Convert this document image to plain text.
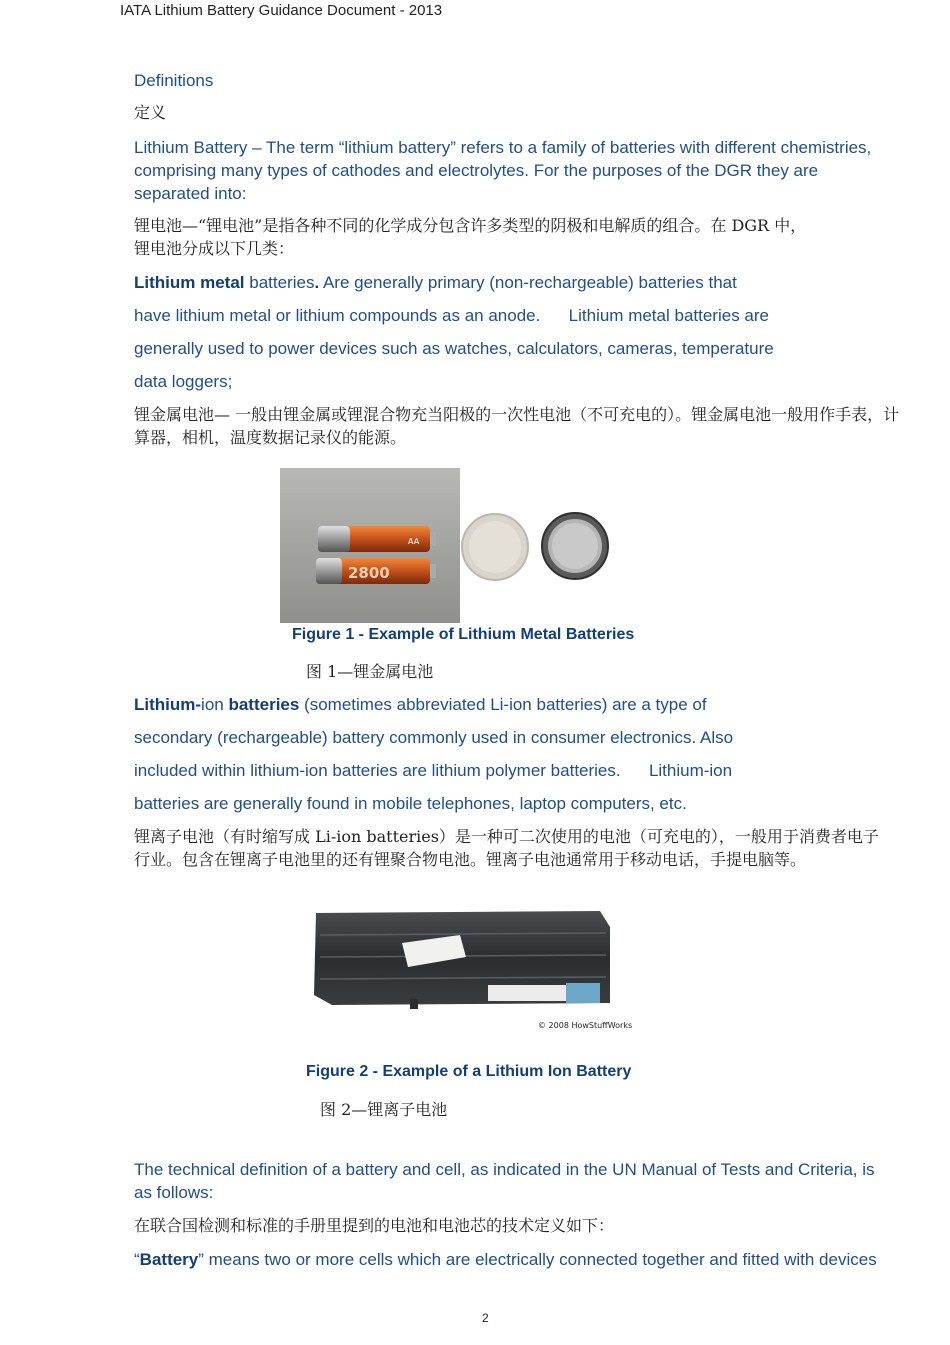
IATA Lithium Battery Guidance Document - 2013

Definitions

定义

Lithium Battery – The term “lithium battery” refers to a family of batteries with different chemistries,
comprising many types of cathodes and electrolytes. For the purposes of the DGR they are
separated into:
锂电池—“锂电池”是指各种不同的化学成分包含许多类型的阴极和电解质的组合。在 DGR 中，
锂电池分成以下几类：
Lithium metal batteries. Are generally primary (non-rechargeable) batteries that
have lithium metal or lithium compounds as an anode.      Lithium metal batteries are
generally used to power devices such as watches, calculators, cameras, temperature
data loggers;
锂金属电池— 一般由锂金属或锂混合物充当阳极的一次性电池（不可充电的）。锂金属电池一般用作手表，计
算器，相机，温度数据记录仪的能源。
AA
2800

Figure 1 - Example of Lithium Metal Batteries

图 1—锂金属电池

Lithium-ion batteries (sometimes abbreviated Li-ion batteries) are a type of
secondary (rechargeable) battery commonly used in consumer electronics. Also
included within lithium-ion batteries are lithium polymer batteries.      Lithium-ion
batteries are generally found in mobile telephones, laptop computers, etc.
锂离子电池（有时缩写成 Li-ion batteries）是一种可二次使用的电池（可充电的），一般用于消费者电子
行业。包含在锂离子电池里的还有锂聚合物电池。锂离子电池通常用于移动电话，手提电脑等。
© 2008 HowStuffWorks

Figure 2 - Example of a Lithium Ion Battery

图 2—锂离子电池

The technical definition of a battery and cell, as indicated in the UN Manual of Tests and Criteria, is
as follows:

在联合国检测和标准的手册里提到的电池和电池芯的技术定义如下：

“Battery” means two or more cells which are electrically connected together and fitted with devices
2
